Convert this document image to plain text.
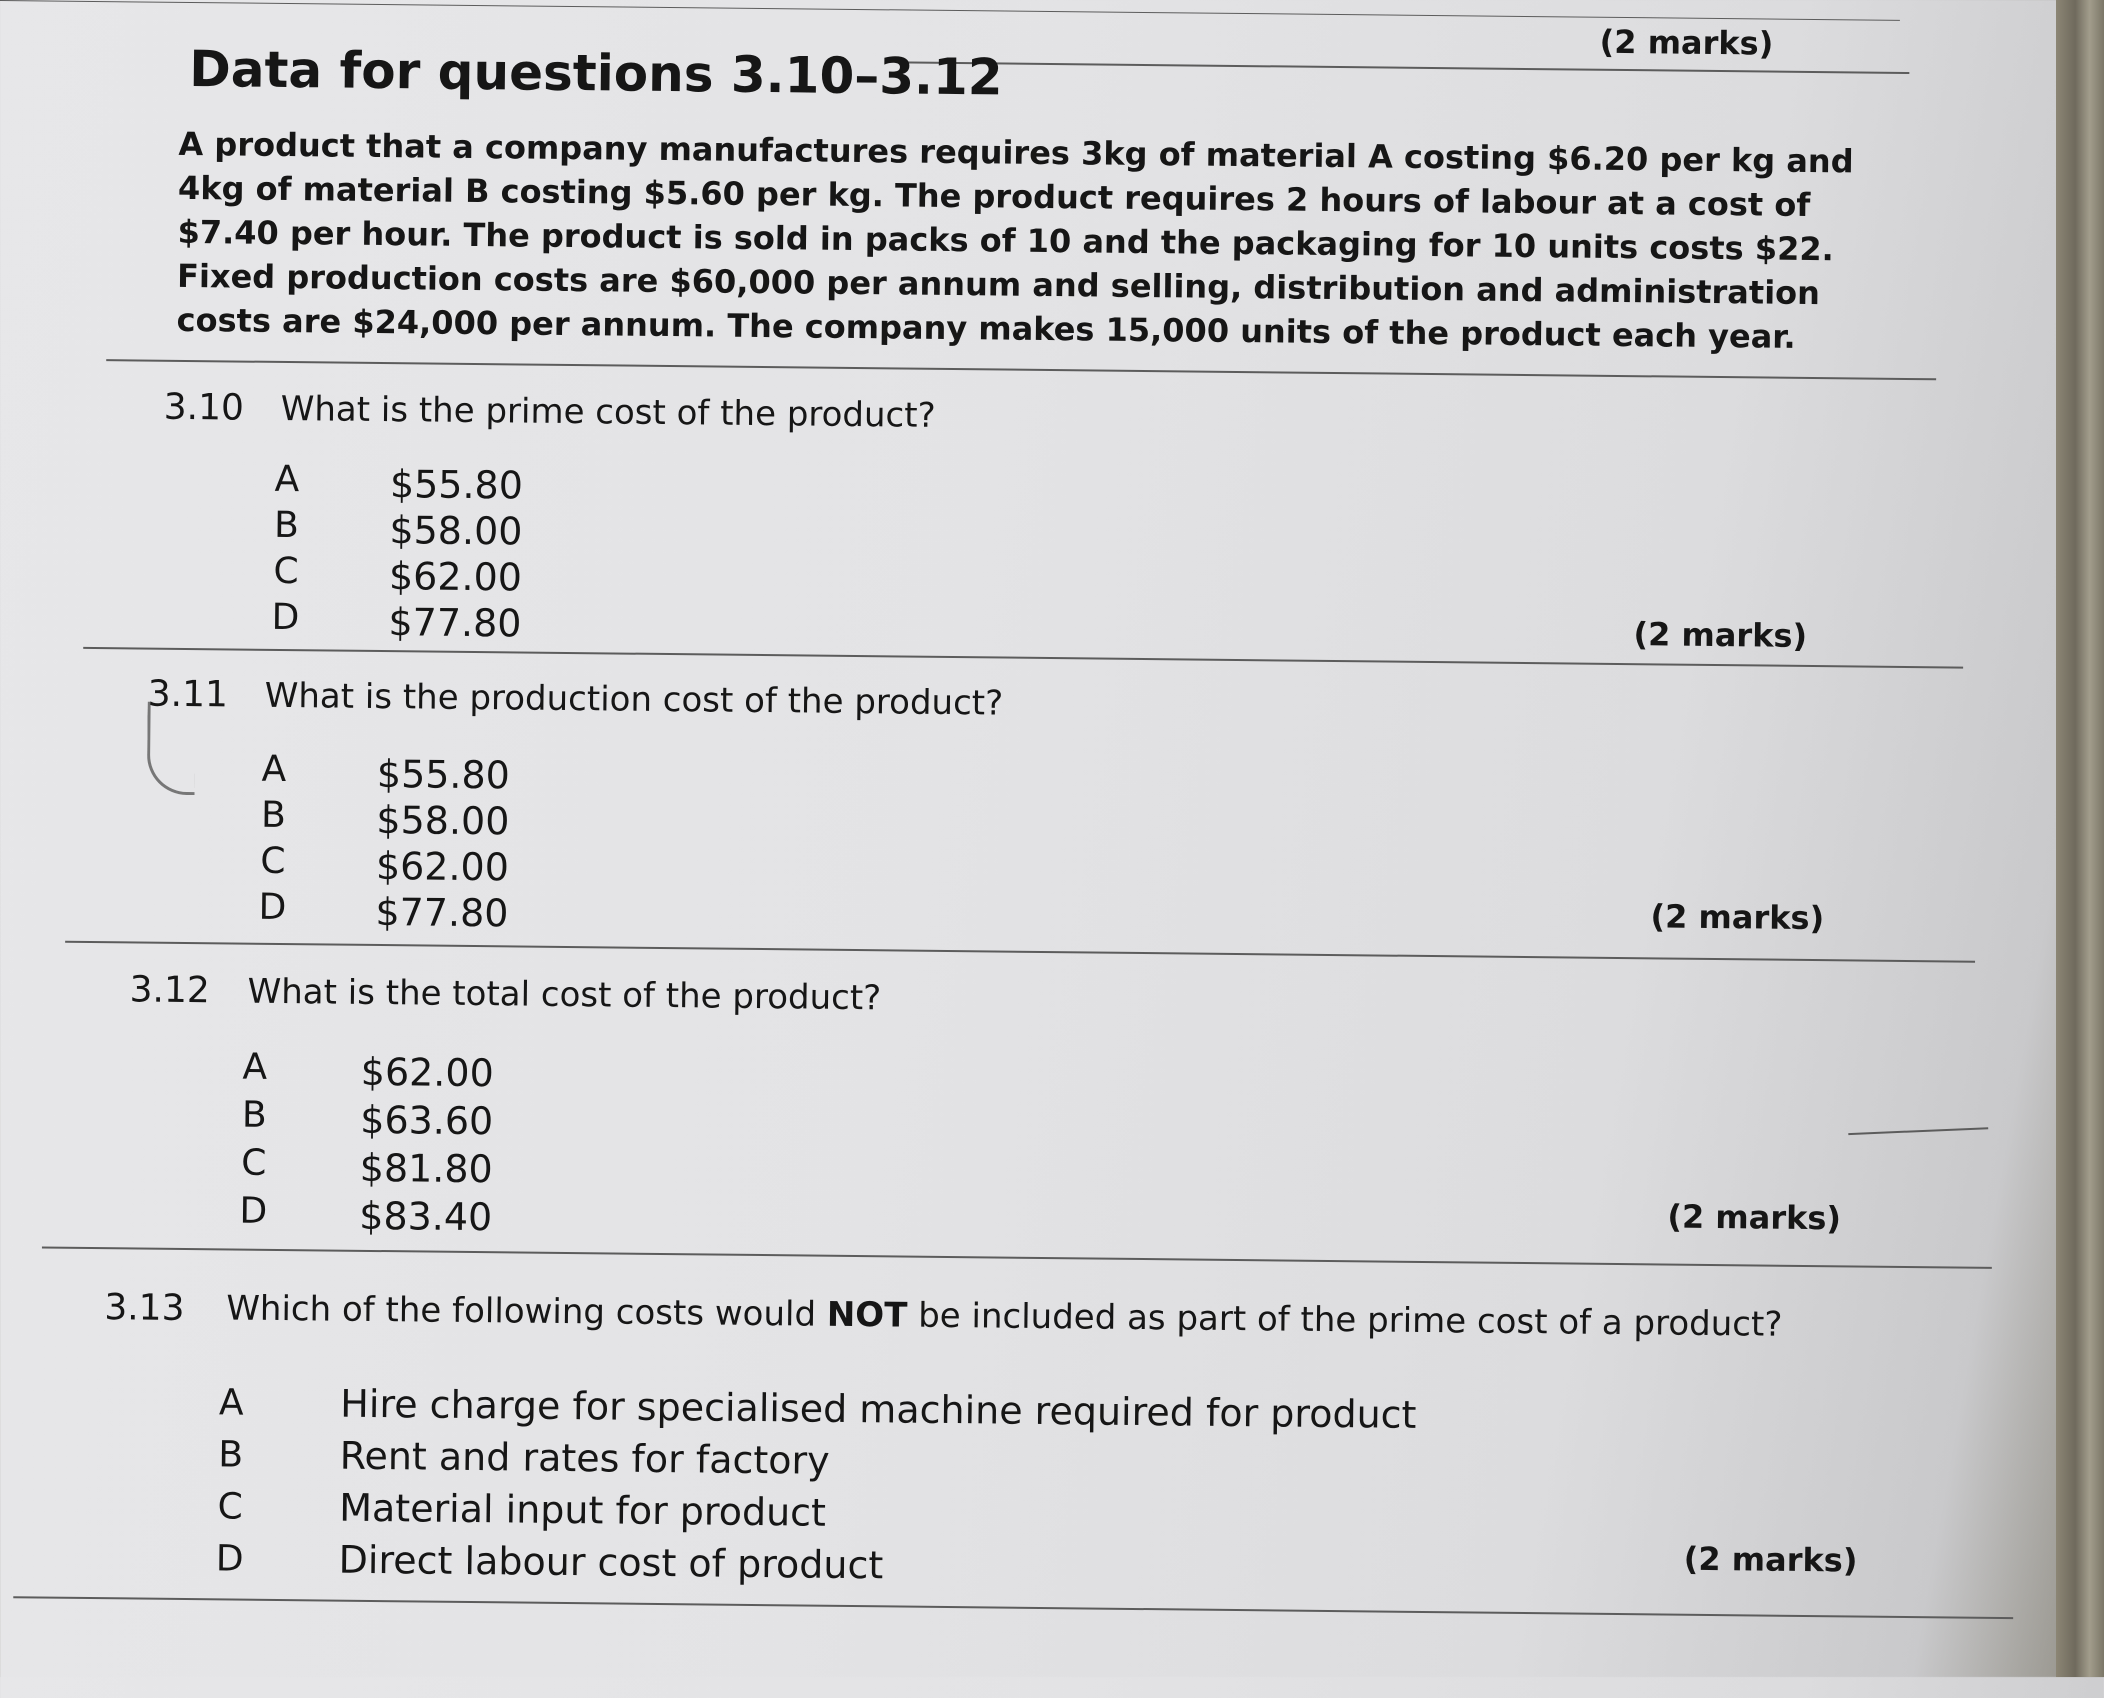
(2 marks)
Data for questions 3.10–3.12
A product that a company manufactures requires 3kg of material A costing $6.20 per kg and 4kg of material B costing $5.60 per kg. The product requires 2 hours of labour at a cost of $7.40 per hour. The product is sold in packs of 10 and the packaging for 10 units costs $22. Fixed production costs are $60,000 per annum and selling, distribution and administration costs are $24,000 per annum. The company makes 15,000 units of the product each year.
3.10 What is the prime cost of the product?
A $55.80
B $58.00
C $62.00
D $77.80	(2 marks)
3.11 What is the production cost of the product?
A $55.80
B $58.00
C $62.00
D $77.80	(2 marks)
3.12 What is the total cost of the product?
A $62.00
B $63.60
C $81.80
D $83.40	(2 marks)
3.13 Which of the following costs would NOT be included as part of the prime cost of a product?
A	Hire charge for specialised machine required for product
B	Rent and rates for factory
C	Material input for product
D Direct labour cost of product	(2 marks)
